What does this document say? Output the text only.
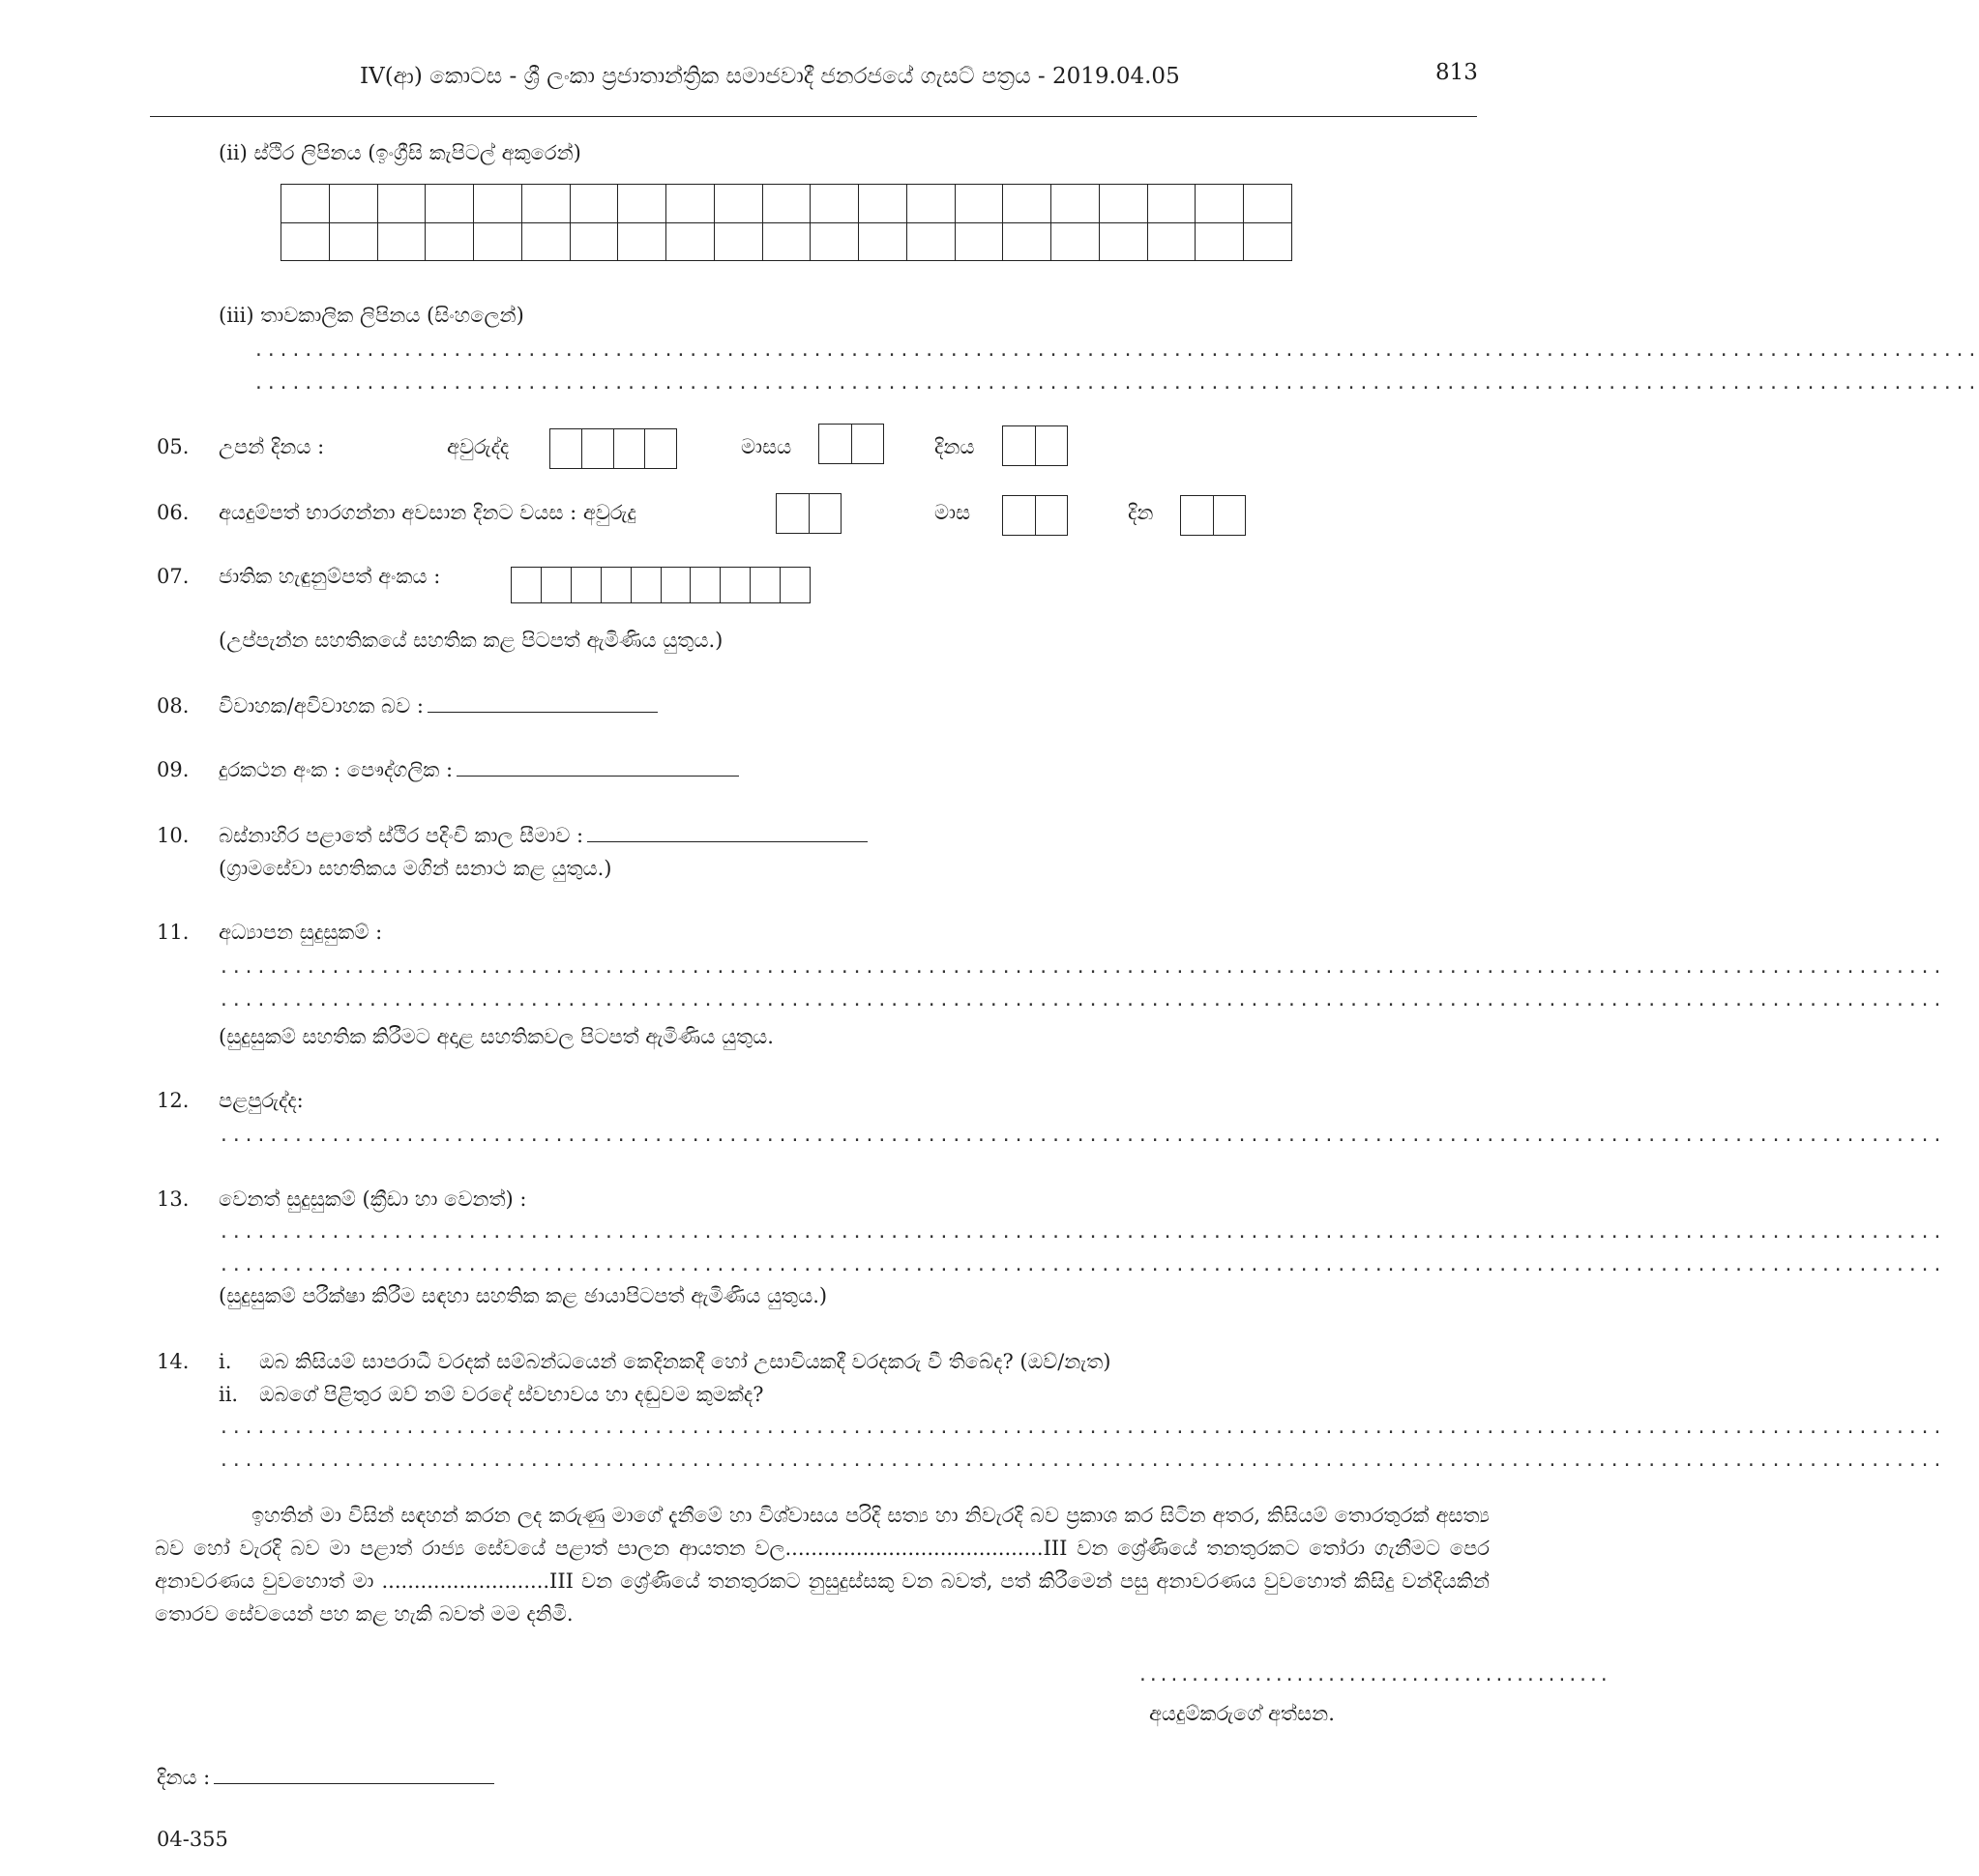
IV(ආ) කොටස - ශ්‍රී ලංකා ප්‍රජාතාන්ත්‍රික සමාජවාදී ජනරජයේ ගැසට් පත්‍රය - 2019.04.05	813
(ii) ස්ථිර ලිපිනය (ඉංග්‍රීසි කැපිටල් අකුරෙන්)

(iii) තාවකාලික ලිපිනය (සිංහලෙන්)
...........................................................................................................................................
...........................................................................................................................................
05. උපන් දිනය :	අවුරුද්ද	මාසය	දිනය
06. අයදුම්පත් භාරගන්නා අවසාන දිනට වයස : අවුරුදු	මාස	දින
07. ජාතික හැඳුනුම්පත් අංකය :
(උප්පැන්න සහතිකයේ සහතික කළ පිටපත් ඇමිණිය යුතුය.)
08. විවාහක/අවිවාහක බව :
09. දුරකථන අංක : පෞද්ගලික :
10. බස්නාහිර පළාතේ ස්ථිර පදිංචි කාල සීමාව :
(ග්‍රාමසේවා සහතිකය මගින් සනාථ කළ යුතුය.)
11. අධ්‍යාපන සුදුසුකම් :
...........................................................................................................................................
...........................................................................................................................................
(සුදුසුකම් සහතික කිරීමට අදාළ සහතිකවල පිටපත් ඇමිණිය යුතුය.
12. පළපුරුද්ද:
...........................................................................................................................................
13. වෙනත් සුදුසුකම් (ක්‍රීඩා හා වෙනත්) :
...........................................................................................................................................
...........................................................................................................................................
(සුදුසුකම් පරීක්ෂා කිරීම සඳහා සහතික කළ ඡායාපිටපත් ඇමිණිය යුතුය.)
14. i. ඔබ කිසියම් සාපරාධී වරදක් සම්බන්ධයෙන් කෙදිනකදී හෝ උසාවියකදී වරදකරු වී තිබේද? (ඔව්/නැත)
ii. ඔබගේ පිළිතුර ඔව් නම් වරදේ ස්වභාවය හා දඬුවම කුමක්ද?
...........................................................................................................................................
...........................................................................................................................................
ඉහතින් මා විසින් සඳහන් කරන ලද කරුණු මාගේ දැනීමේ හා විශ්වාසය පරිදි සත්‍ය හා නිවැරදි බව ප්‍රකාශ කර සිටින අතර, කිසියම් තොරතුරක් අසත්‍ය බව හෝ වැරදි බව මා පළාත් රාජ්‍ය සේවයේ පළාත් පාලන ආයතන වල........................................III වන ශ්‍රේණියේ තනතුරකට තෝරා ගැනීමට පෙර අනාවරණය වුවහොත් මා ..........................III වන ශ්‍රේණියේ තනතුරකට නුසුදුස්සකු වන බවත්, පත් කිරීමෙන් පසු අනාවරණය වුවහොත් කිසිදු වන්දියකින් තොරව සේවයෙන් පහ කළ හැකි බවත් මම දනිමි.
.............................................
අයදුම්කරුගේ අත්සන.
දිනය :
04-355
